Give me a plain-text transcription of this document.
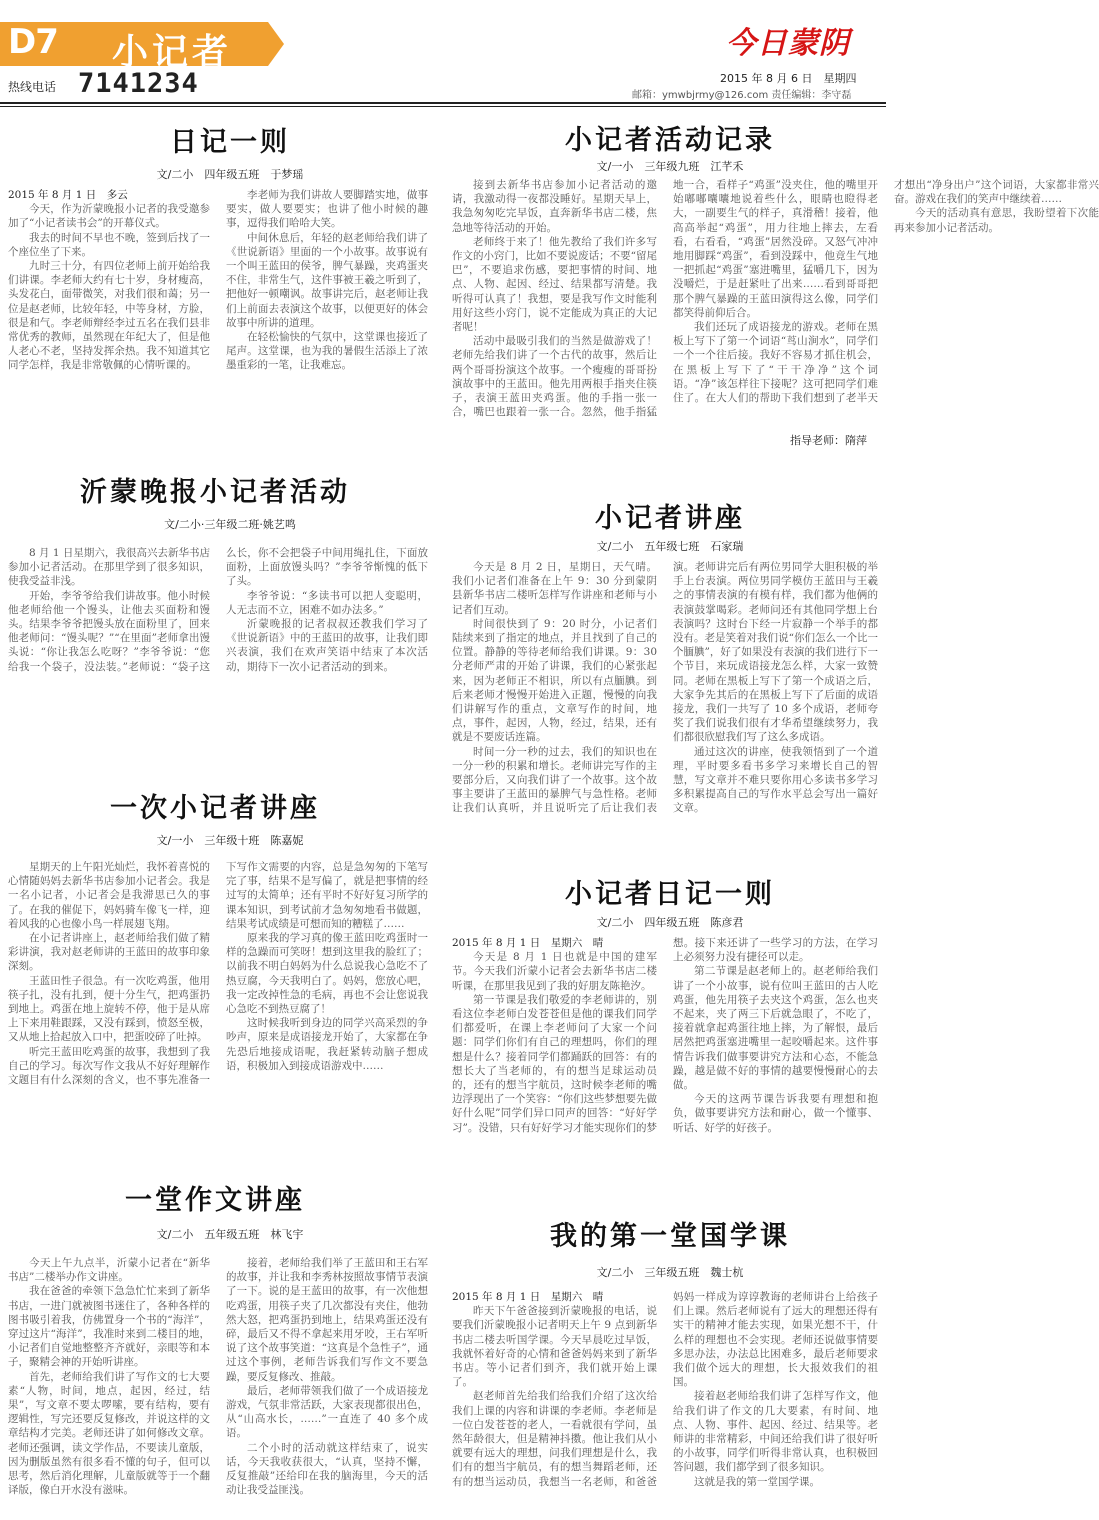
D7 小记者
热线电话 7141234
今日蒙阴
2015 年 8 月 6 日　星期四
邮箱：ymwbjrmy@126.com 责任编辑：李守磊
日记一则
文/二小　四年级五班　于梦瑶

2015 年 8 月 1 日　多云

今天，作为沂蒙晚报小记者的我受邀参加了“小记者读书会”的开幕仪式。

我去的时间不早也不晚，签到后找了一个座位坐了下来。

九时三十分，有四位老师上前开始给我们讲课。李老师大约有七十岁，身材瘦高，头发花白，面带微笑，对我们很和蔼；另一位是赵老师，比较年轻，中等身材，方脸，很是和气。李老师辩经李过五名在我们县非常优秀的教师，虽然现在年纪大了，但是他人老心不老，坚持发挥余热。我不知道其它同学怎样，我是非常敬佩的心情听课的。

李老师为我们讲故人要脚踏实地，做事要实，做人要要实；也讲了他小时候的趣事，逗得我们哈哈大笑。

中间休息后，年轻的赵老师给我们讲了《世说新语》里面的一个小故事。故事说有一个叫王蓝田的侯爷，脾气暴躁，夹鸡蛋夹不住，非常生气，这件事被王羲之听到了，把他好一顿嘲讽。故事讲完后，赵老师让我们上前面去表演这个故事，以便更好的体会故事中所讲的道理。

在轻松愉快的气氛中，这堂课也接近了尾声。这堂课，也为我的暑假生活添上了浓墨重彩的一笔，让我难忘。

小记者活动记录
文/一小　三年级九班　江芊禾

接到去新华书店参加小记者活动的邀请，我激动得一夜都没睡好。星期天早上，我急匆匆吃完早饭，直奔新华书店二楼，焦急地等待活动的开始。

老师终于来了！他先教给了我们许多写作文的小窍门，比如不要说废话；不要“留尾巴”，不要追求伤感，要把事情的时间、地点、人物、起因、经过、结果都写清楚。我听得可认真了！我想，要是我写作文时能利用好这些小窍门，说不定能成为真正的大记者呢！

活动中最吸引我们的当然是做游戏了！老师先给我们讲了一个古代的故事，然后让两个哥哥扮演这个故事。一个瘦瘦的哥哥扮演故事中的王蓝田。他先用两根手指夹住筷子，表演王蓝田夹鸡蛋。他的手指一张一合，嘴巴也跟着一张一合。忽然，他手指猛地一合，看样子“鸡蛋”没夹住，他的嘴里开始嘟嘟囔囔地说着些什么，眼睛也瞪得老大，一副要生气的样子，真滑稽！接着，他高高举起“鸡蛋”，用力往地上摔去，左看看，右看看，“鸡蛋”居然没碎。又怒气冲冲地用脚踩“鸡蛋”，看到没踩中，他竟生气地一把抓起“鸡蛋”塞进嘴里，猛嚼几下，因为没嚼烂，于是赶紧吐了出来……看到哥哥把那个脾气暴躁的王蓝田演得这么像，同学们都笑得前仰后合。

我们还玩了成语接龙的游戏。老师在黑板上写下了第一个词语“茑山涧水”，同学们一个一个往后接。我好不容易才抓住机会，在黑板上写下了“干干净净”这个词语。“净”该怎样往下接呢？这可把同学们难住了。在大人们的帮助下我们想到了老半天才想出“净身出户”这个词语，大家都非常兴奋。游戏在我们的笑声中继续着……

今天的活动真有意思，我盼望着下次能再来参加小记者活动。

指导老师：隋萍
沂蒙晚报小记者活动
文/二小·三年级二班·姚艺鸣

8 月 1 日星期六，我很高兴去新华书店参加小记者活动。在那里学到了很多知识，使我受益非浅。

开始，李爷爷给我们讲故事。他小时候他老师给他一个馒头，让他去买面粉和馒头。结果李爷爷把馒头放在面粉里了，回来他老师问：“馒头呢？”“在里面”老师拿出馒头说：“你让我怎么吃呀？”李爷爷说：“您给我一个袋子，没法装。”老师说：“袋子这么长，你不会把袋子中间用绳扎住，下面放面粉，上面放馒头吗？”李爷爷惭愧的低下了头。

李爷爷说：“多读书可以把人变聪明，人无志而不立，困难不如办法多。”

沂蒙晚报的记者叔叔还教我们学习了《世说新语》中的王蓝田的故事，让我们即兴表演，我们在欢声笑语中结束了本次活动，期待下一次小记者活动的到来。

小记者讲座
文/二小　五年级七班　石家瑞

今天是 8 月 2 日，星期日，天气晴。我们小记者们准备在上午 9：30 分到蒙阴县新华书店二楼听怎样写作讲座和老师与小记者们互动。

时间很快到了 9：20 时分，小记者们陆续来到了指定的地点，并且找到了自己的位置。静静的等待老师给我们讲课。9：30 分老师严肃的开始了讲课，我们的心紧张起来，因为老师正不相识，所以有点腼腆。到后来老师才慢慢开始进入正题，慢慢的向我们讲解写作的重点，文章写作的时间，地点，事件，起因，人物，经过，结果，还有就是不要废话连篇。

时间一分一秒的过去，我们的知识也在一分一秒的积累和增长。老师讲完写作的主要部分后，又向我们讲了一个故事。这个故事主要讲了王蓝田的暴脾气与急性格。老师让我们认真听，并且说听完了后让我们表演。老师讲完后有两位男同学大胆积极的举手上台表演。两位男同学模仿王蓝田与王羲之的事情表演的有模有样，我们都为他俩的表演鼓掌喝彩。老师问还有其他同学想上台表演吗？这时台下经一片寂静一个举手的都没有。老是笑着对我们说“你们怎么一个比一个腼腆”，好了如果没有表演的我们进行下一个节目，来玩成语接龙怎么样，大家一致赞同。老师在黑板上写下了第一个成语之后，大家争先其后的在黑板上写下了后面的成语接龙，我们一共写了 10 多个成语，老师夸奖了我们说我们很有才华希望继续努力，我们都很欣慰我们写了这么多成语。

通过这次的讲座，使我领悟到了一个道理，平时要多看书多学习来增长自己的智慧，写文章并不难只要你用心多读书多学习多积累提高自己的写作水平总会写出一篇好文章。

一次小记者讲座
文/一小　三年级十班　陈嘉妮

星期天的上午阳光灿烂，我怀着喜悦的心情随妈妈去新华书店参加小记者会。我是一名小记者，小记者会是我滞思已久的事了。在我的催促下，妈妈骑车像飞一样，迎着风我的心也像小鸟一样展翅飞翔。

在小记者讲座上，赵老师给我们做了精彩讲演，我对赵老师讲的王蓝田的故事印象深刻。

王蓝田性子很急。有一次吃鸡蛋，他用筷子扎，没有扎到，便十分生气，把鸡蛋扔到地上。鸡蛋在地上旋转不停，他于是从席上下来用鞋跟踩，又没有踩到，愤怒至极，又从地上拾起放入口中，把蛋咬碎了吐掉。

听完王蓝田吃鸡蛋的故事，我想到了我自己的学习。每次写作文我从不好好理解作文题目有什么深刻的含义，也不事先准备一下写作文需要的内容，总是急匆匆的下笔写完了事，结果不是写偏了，就是把事情的经过写的太简单；还有平时不好好复习所学的课本知识，到考试前才急匆匆地看书做题，结果考试成绩是可想而知的糟糕了……

原来我的学习真的像王蓝田吃鸡蛋时一样的急躁而可笑呀！想到这里我的脸红了；以前我不明白妈妈为什么总说我心急吃不了热豆腐，今天我明白了。妈妈，您放心吧，我一定改掉性急的毛病，再也不会让您说我心急吃不到热豆腐了！

这时候我听到身边的同学兴高采烈的争吵声，原来是成语接龙开始了，大家都在争先恐后地接成语呢，我赶紧转动脑子想成语，积极加入到接成语游戏中……

小记者日记一则
文/二小　四年级五班　陈彦君

2015 年 8 月 1 日　星期六　晴

今天是 8 月 1 日也就是中国的建军节。今天我们沂蒙小记者会去新华书店二楼听课，在那里我见到了我的好朋友陈艳汐。

第一节课是我们敬爱的李老师讲的，别看这位李老师白发苍苍但是他的课我们同学们都爱听，在课上李老师问了大家一个问题：同学们你们有自己的理想吗，你们的理想是什么？接着同学们都踊跃的回答：有的想长大了当老师的，有的想当足球运动员的，还有的想当宇航员，这时候李老师的嘴边浮现出了一个笑容：“你们这些梦想要先做好什么呢”同学们异口同声的回答：“好好学习”。没错，只有好好学习才能实现你们的梦想。接下来还讲了一些学习的方法，在学习上必须努力没有捷径可以走。

第二节课是赵老师上的。赵老师给我们讲了一个小故事，说有位叫王蓝田的古人吃鸡蛋，他先用筷子去夹这个鸡蛋，怎么也夹不起来，夹了两三下后就急眼了，不吃了，接着就拿起鸡蛋往地上摔，为了解恨，最后居然把鸡蛋塞进嘴里一起咬嚼起来。这件事情告诉我们做事要讲究方法和心态，不能急躁，越是做不好的事情的越要慢慢耐心的去做。

今天的这两节课告诉我要有理想和抱负，做事要讲究方法和耐心，做一个懂事、听话、好学的好孩子。

一堂作文讲座
文/二小　五年级五班　林飞宇

今天上午九点半，沂蒙小记者在“新华书店”二楼举办作文讲座。

我在爸爸的牵领下急急忙忙来到了新华书店，一进门就被图书迷住了，各种各样的图书吸引着我，仿佛置身一个书的“海洋”，穿过这片“海洋”，我准时来到二楼目的地，小记者们自觉地整整齐齐就好，亲眼等和本子，聚精会神的开始听讲座。

首先，老师给我们讲了写作文的七大要素“人物，时间，地点，起因，经过，结果”，写文章不要太啰嗦，要有结构，要有逻辑性，写完还要反复修改，并说这样的文章结构才完美。老师还讲了如何修改文章。老师还强调，读文学作品，不要读儿童版，因为删版虽然有很多看不懂的句子，但可以思考，然后消化理解，儿童版就等于一个翻译版，像白开水没有滋味。

接着，老师给我们举了王蓝田和王右军的故事，并让我和李秀林按照故事情节表演了一下。说的是王蓝田的故事，有一次他想吃鸡蛋，用筷子夹了几次都没有夹住，他勃然大怒，把鸡蛋扔到地上，结果鸡蛋还没有碎，最后又不得不拿起来用牙咬，王右军听说了这个故事笑道：“这真是个急性子”，通过这个事例，老师告诉我们写作文不要急躁，要反复修改、推敲。

最后，老师带领我们做了一个成语接龙游戏，气氛非常活跃，大家表现都很出色，从“山高水长，……”一直连了 40 多个成语。

二个小时的活动就这样结束了，说实话，今天我收获很大，“认真，坚持不懈，反复推敲”还给印在我的脑海里，今天的活动让我受益匪浅。

我的第一堂国学课
文/二小　三年级五班　魏士杭

2015 年 8 月 1 日　星期六　晴

昨天下午爸爸接到沂蒙晚报的电话，说要我们沂蒙晚报小记者明天上午 9 点到新华书店二楼去听国学课。今天早晨吃过早饭，我就怀着好奇的心情和爸爸妈妈来到了新华书店。等小记者们到齐，我们就开始上课了。

赵老师首先给我们给我们介绍了这次给我们上课的内容和讲课的李老师。李老师是一位白发苍苍的老人，一看就很有学问，虽然年龄很大，但是精神抖擞。他让我们从小就要有远大的理想，问我们理想是什么，我们有的想当宇航员，有的想当舞蹈老师，还有的想当运动员，我想当一名老师，和爸爸妈妈一样成为谆谆教诲的老师讲台上给孩子们上课。然后老师说有了远大的理想还得有实干的精神才能去实现，如果光想不干，什么样的理想也不会实现。老师还说做事情要多思办法，办法总比困难多，最后老师要求我们做个远大的理想，长大报效我们的祖国。

接着赵老师给我们讲了怎样写作文，他给我们讲了作文的几大要素，有时间、地点、人物、事件、起因、经过、结果等。老师讲的非常精彩，中间还给我们讲了很好听的小故事，同学们听得非常认真，也积极回答问题，我们都学到了很多知识。

这就是我的第一堂国学课。
